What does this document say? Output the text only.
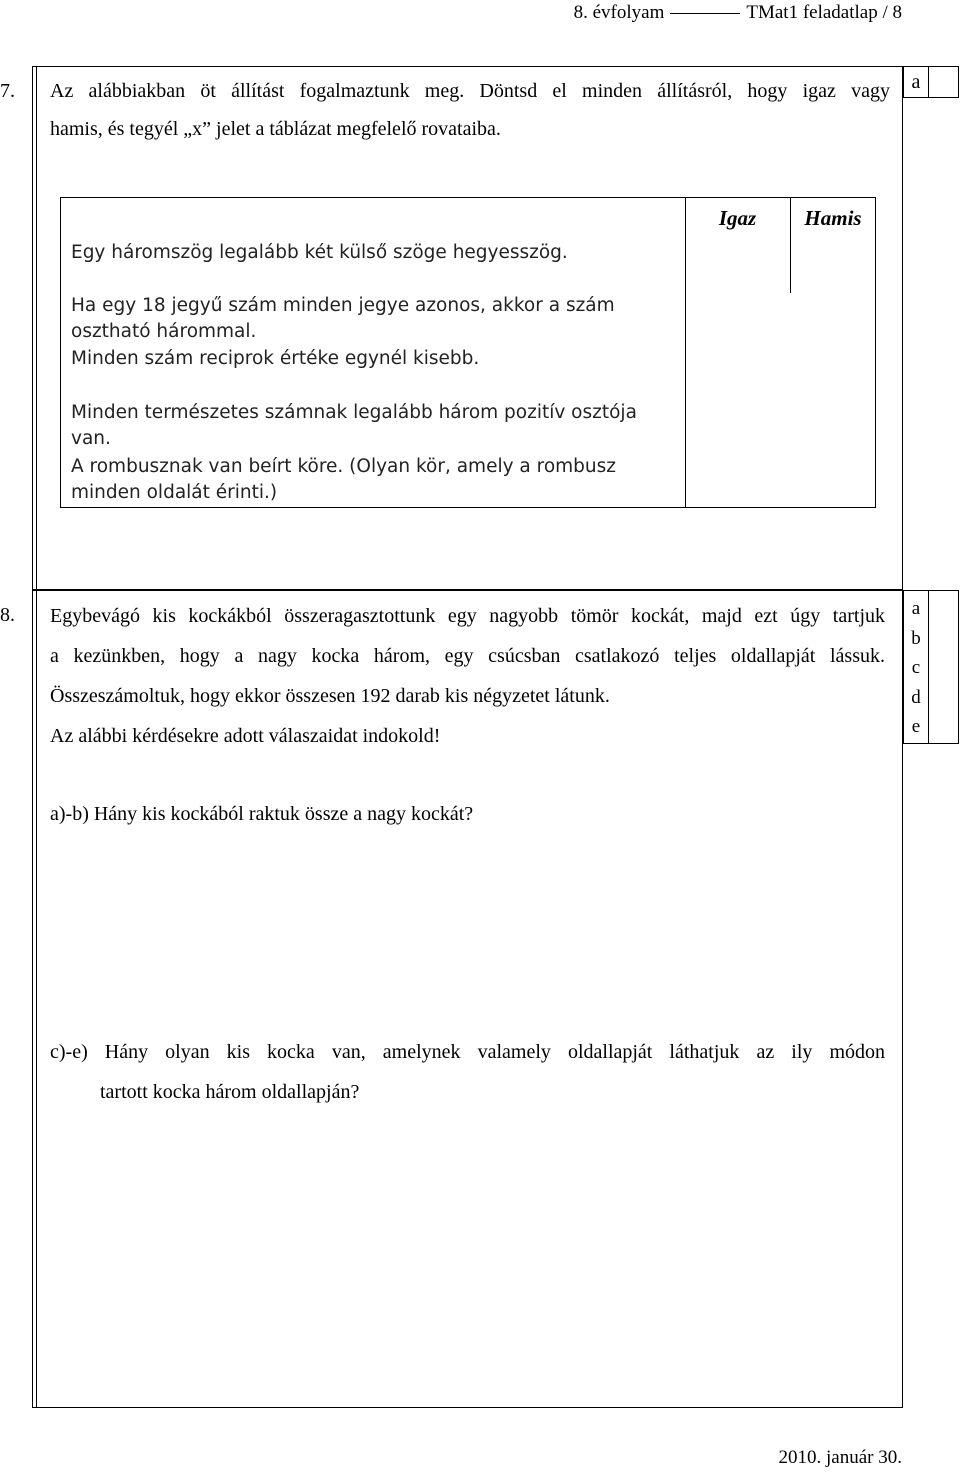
8. évfolyam	TMat1 feladatlap / 8
7. Az alábbiakban öt állítást fogalmaztunk meg. Döntsd el minden állításról, hogy igaz vagy
hamis, és tegyél „x” jelet a táblázat megfelelő rovataiba.
a
Igaz	Hamis
Egy háromszög legalább két külső szöge hegyesszög.
Ha egy 18 jegyű szám minden jegye azonos, akkor a szám
osztható hárommal.
Minden szám reciprok értéke egynél kisebb.
Minden természetes számnak legalább három pozitív osztója
van.
A rombusznak van beírt köre. (Olyan kör, amely a rombusz
minden oldalát érinti.)
8. Egybevágó kis kockákból összeragasztottunk egy nagyobb tömör kockát, majd ezt úgy tartjuk
a kezünkben, hogy a nagy kocka három, egy csúcsban csatlakozó teljes oldallapját lássuk.
Összeszámoltuk, hogy ekkor összesen 192 darab kis négyzetet látunk.
Az alábbi kérdésekre adott válaszaidat indokold!
a
b
c
d
e
a)-b) Hány kis kockából raktuk össze a nagy kockát?
c)-e) Hány olyan kis kocka van, amelynek valamely oldallapját láthatjuk az ily módon
tartott kocka három oldallapján?
2010. január 30.
